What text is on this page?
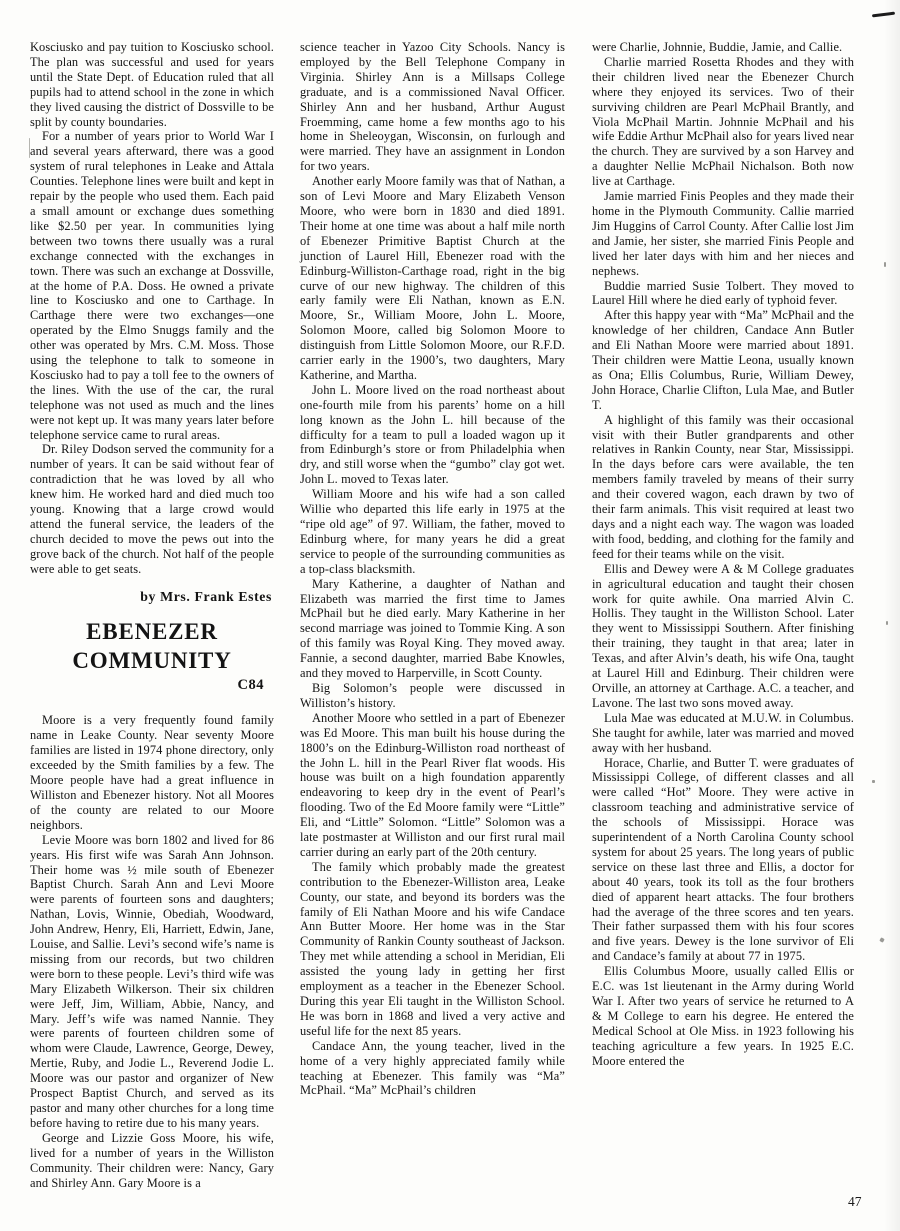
Kosciusko and pay tuition to Kosciusko school. The plan was successful and used for years until the State Dept. of Education ruled that all pupils had to attend school in the zone in which they lived causing the district of Dossville to be split by county boundaries.

For a number of years prior to World War I and several years afterward, there was a good system of rural telephones in Leake and Attala Counties. Telephone lines were built and kept in repair by the people who used them. Each paid a small amount or exchange dues something like $2.50 per year. In communities lying between two towns there usually was a rural exchange connected with the exchanges in town. There was such an exchange at Dossville, at the home of P.A. Doss. He owned a private line to Kosciusko and one to Carthage. In Carthage there were two exchanges—one operated by the Elmo Snuggs family and the other was operated by Mrs. C.M. Moss. Those using the telephone to talk to someone in Kosciusko had to pay a toll fee to the owners of the lines. With the use of the car, the rural telephone was not used as much and the lines were not kept up. It was many years later before telephone service came to rural areas.

Dr. Riley Dodson served the community for a number of years. It can be said without fear of contradiction that he was loved by all who knew him. He worked hard and died much too young. Knowing that a large crowd would attend the funeral service, the leaders of the church decided to move the pews out into the grove back of the church. Not half of the people were able to get seats.

by Mrs. Frank Estes

EBENEZER
COMMUNITY
C84

Moore is a very frequently found family name in Leake County. Near seventy Moore families are listed in 1974 phone directory, only exceeded by the Smith families by a few. The Moore people have had a great influence in Williston and Ebenezer history. Not all Moores of the county are related to our Moore neighbors.

Levie Moore was born 1802 and lived for 86 years. His first wife was Sarah Ann Johnson. Their home was ½ mile south of Ebenezer Baptist Church. Sarah Ann and Levi Moore were parents of fourteen sons and daughters; Nathan, Lovis, Winnie, Obediah, Woodward, John Andrew, Henry, Eli, Harriett, Edwin, Jane, Louise, and Sallie. Levi’s second wife’s name is missing from our records, but two children were born to these people. Levi’s third wife was Mary Elizabeth Wilkerson. Their six children were Jeff, Jim, William, Abbie, Nancy, and Mary. Jeff’s wife was named Nannie. They were parents of fourteen children some of whom were Claude, Lawrence, George, Dewey, Mertie, Ruby, and Jodie L., Reverend Jodie L. Moore was our pastor and organizer of New Prospect Baptist Church, and served as its pastor and many other churches for a long time before having to retire due to his many years.

George and Lizzie Goss Moore, his wife, lived for a number of years in the Williston Community. Their children were: Nancy, Gary and Shirley Ann. Gary Moore is a

science teacher in Yazoo City Schools. Nancy is employed by the Bell Telephone Company in Virginia. Shirley Ann is a Millsaps College graduate, and is a commissioned Naval Officer. Shirley Ann and her husband, Arthur August Froemming, came home a few months ago to his home in Sheleoygan, Wisconsin, on furlough and were married. They have an assignment in London for two years.

Another early Moore family was that of Nathan, a son of Levi Moore and Mary Elizabeth Venson Moore, who were born in 1830 and died 1891. Their home at one time was about a half mile north of Ebenezer Primitive Baptist Church at the junction of Laurel Hill, Ebenezer road with the Edinburg-Williston-Carthage road, right in the big curve of our new highway. The children of this early family were Eli Nathan, known as E.N. Moore, Sr., William Moore, John L. Moore, Solomon Moore, called big Solomon Moore to distinguish from Little Solomon Moore, our R.F.D. carrier early in the 1900’s, two daughters, Mary Katherine, and Martha.

John L. Moore lived on the road northeast about one-fourth mile from his parents’ home on a hill long known as the John L. hill because of the difficulty for a team to pull a loaded wagon up it from Edinburgh’s store or from Philadelphia when dry, and still worse when the “gumbo” clay got wet. John L. moved to Texas later.

William Moore and his wife had a son called Willie who departed this life early in 1975 at the “ripe old age” of 97. William, the father, moved to Edinburg where, for many years he did a great service to people of the surrounding communities as a top-class blacksmith.

Mary Katherine, a daughter of Nathan and Elizabeth was married the first time to James McPhail but he died early. Mary Katherine in her second marriage was joined to Tommie King. A son of this family was Royal King. They moved away. Fannie, a second daughter, married Babe Knowles, and they moved to Harperville, in Scott County.

Big Solomon’s people were discussed in Williston’s history.

Another Moore who settled in a part of Ebenezer was Ed Moore. This man built his house during the 1800’s on the Edinburg-Williston road northeast of the John L. hill in the Pearl River flat woods. His house was built on a high foundation apparently endeavoring to keep dry in the event of Pearl’s flooding. Two of the Ed Moore family were “Little” Eli, and “Little” Solomon. “Little” Solomon was a late postmaster at Williston and our first rural mail carrier during an early part of the 20th century.

The family which probably made the greatest contribution to the Ebenezer-Williston area, Leake County, our state, and beyond its borders was the family of Eli Nathan Moore and his wife Candace Ann Butter Moore. Her home was in the Star Community of Rankin County southeast of Jackson. They met while attending a school in Meridian, Eli assisted the young lady in getting her first employment as a teacher in the Ebenezer School. During this year Eli taught in the Williston School. He was born in 1868 and lived a very active and useful life for the next 85 years.

Candace Ann, the young teacher, lived in the home of a very highly appreciated family while teaching at Ebenezer. This family was “Ma” McPhail. “Ma” McPhail’s children

were Charlie, Johnnie, Buddie, Jamie, and Callie.

Charlie married Rosetta Rhodes and they with their children lived near the Ebenezer Church where they enjoyed its services. Two of their surviving children are Pearl McPhail Brantly, and Viola McPhail Martin. Johnnie McPhail and his wife Eddie Arthur McPhail also for years lived near the church. They are survived by a son Harvey and a daughter Nellie McPhail Nichalson. Both now live at Carthage.

Jamie married Finis Peoples and they made their home in the Plymouth Community. Callie married Jim Huggins of Carrol County. After Callie lost Jim and Jamie, her sister, she married Finis People and lived her later days with him and her nieces and nephews.

Buddie married Susie Tolbert. They moved to Laurel Hill where he died early of typhoid fever.

After this happy year with “Ma” McPhail and the knowledge of her children, Candace Ann Butler and Eli Nathan Moore were married about 1891. Their children were Mattie Leona, usually known as Ona; Ellis Columbus, Rurie, William Dewey, John Horace, Charlie Clifton, Lula Mae, and Butler T.

A highlight of this family was their occasional visit with their Butler grandparents and other relatives in Rankin County, near Star, Mississippi. In the days before cars were available, the ten members family traveled by means of their surry and their covered wagon, each drawn by two of their farm animals. This visit required at least two days and a night each way. The wagon was loaded with food, bedding, and clothing for the family and feed for their teams while on the visit.

Ellis and Dewey were A & M College graduates in agricultural education and taught their chosen work for quite awhile. Ona married Alvin C. Hollis. They taught in the Williston School. Later they went to Mississippi Southern. After finishing their training, they taught in that area; later in Texas, and after Alvin’s death, his wife Ona, taught at Laurel Hill and Edinburg. Their children were Orville, an attorney at Carthage. A.C. a teacher, and Lavone. The last two sons moved away.

Lula Mae was educated at M.U.W. in Columbus. She taught for awhile, later was married and moved away with her husband.

Horace, Charlie, and Butter T. were graduates of Mississippi College, of different classes and all were called “Hot” Moore. They were active in classroom teaching and administrative service of the schools of Mississippi. Horace was superintendent of a North Carolina County school system for about 25 years. The long years of public service on these last three and Ellis, a doctor for about 40 years, took its toll as the four brothers died of apparent heart attacks. The four brothers had the average of the three scores and ten years. Their father surpassed them with his four scores and five years. Dewey is the lone survivor of Eli and Candace’s family at about 77 in 1975.

Ellis Columbus Moore, usually called Ellis or E.C. was 1st lieutenant in the Army during World War I. After two years of service he returned to A & M College to earn his degree. He entered the Medical School at Ole Miss. in 1923 following his teaching agriculture a few years. In 1925 E.C. Moore entered the

47
